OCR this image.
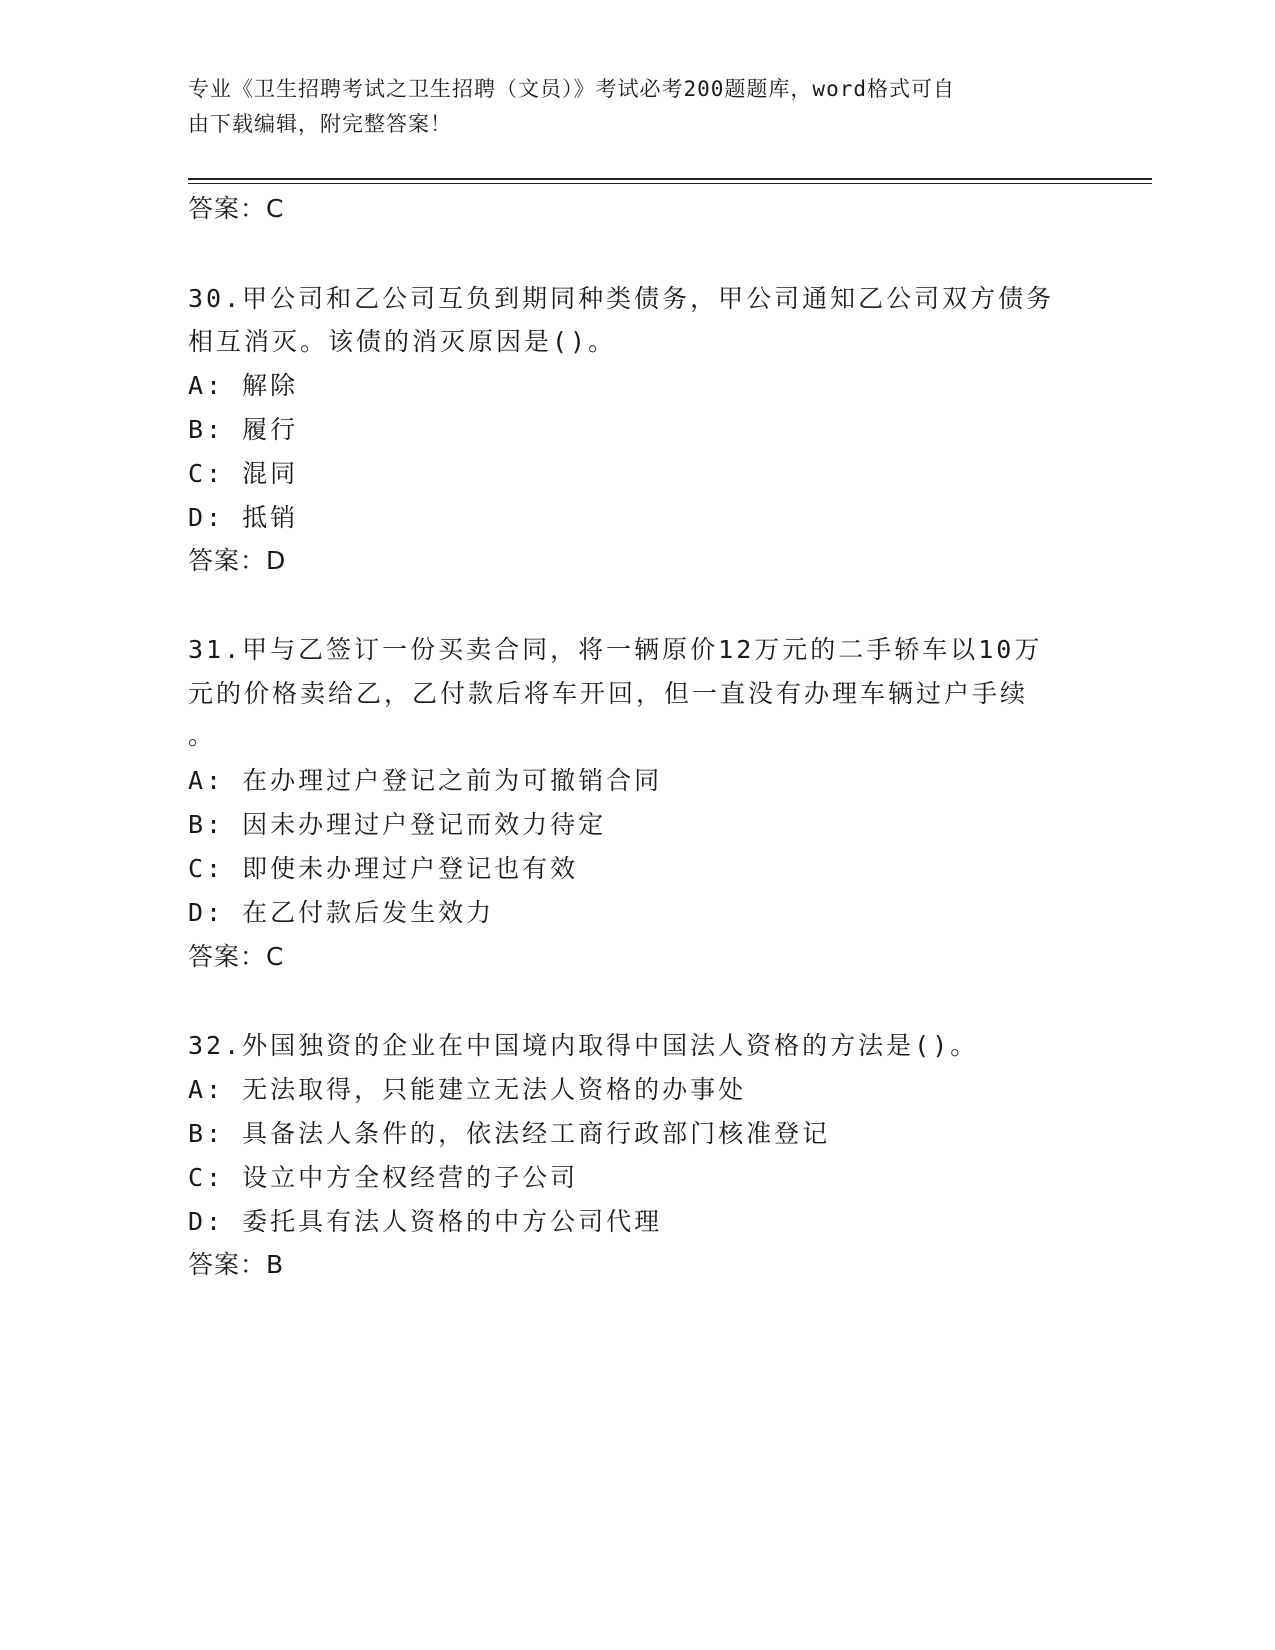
专业《卫生招聘考试之卫生招聘（文员）》考试必考200题题库，word格式可自
由下载编辑，附完整答案！
答案：C
30.甲公司和乙公司互负到期同种类债务，甲公司通知乙公司双方债务
相互消灭。该债的消灭原因是()。
A: 解除
B: 履行
C: 混同
D: 抵销
答案：D
31.甲与乙签订一份买卖合同，将一辆原价12万元的二手轿车以10万
元的价格卖给乙，乙付款后将车开回，但一直没有办理车辆过户手续
。
A: 在办理过户登记之前为可撤销合同
B: 因未办理过户登记而效力待定
C: 即使未办理过户登记也有效
D: 在乙付款后发生效力
答案：C
32.外国独资的企业在中国境内取得中国法人资格的方法是()。
A: 无法取得，只能建立无法人资格的办事处
B: 具备法人条件的，依法经工商行政部门核准登记
C: 设立中方全权经营的子公司
D: 委托具有法人资格的中方公司代理
答案：B
